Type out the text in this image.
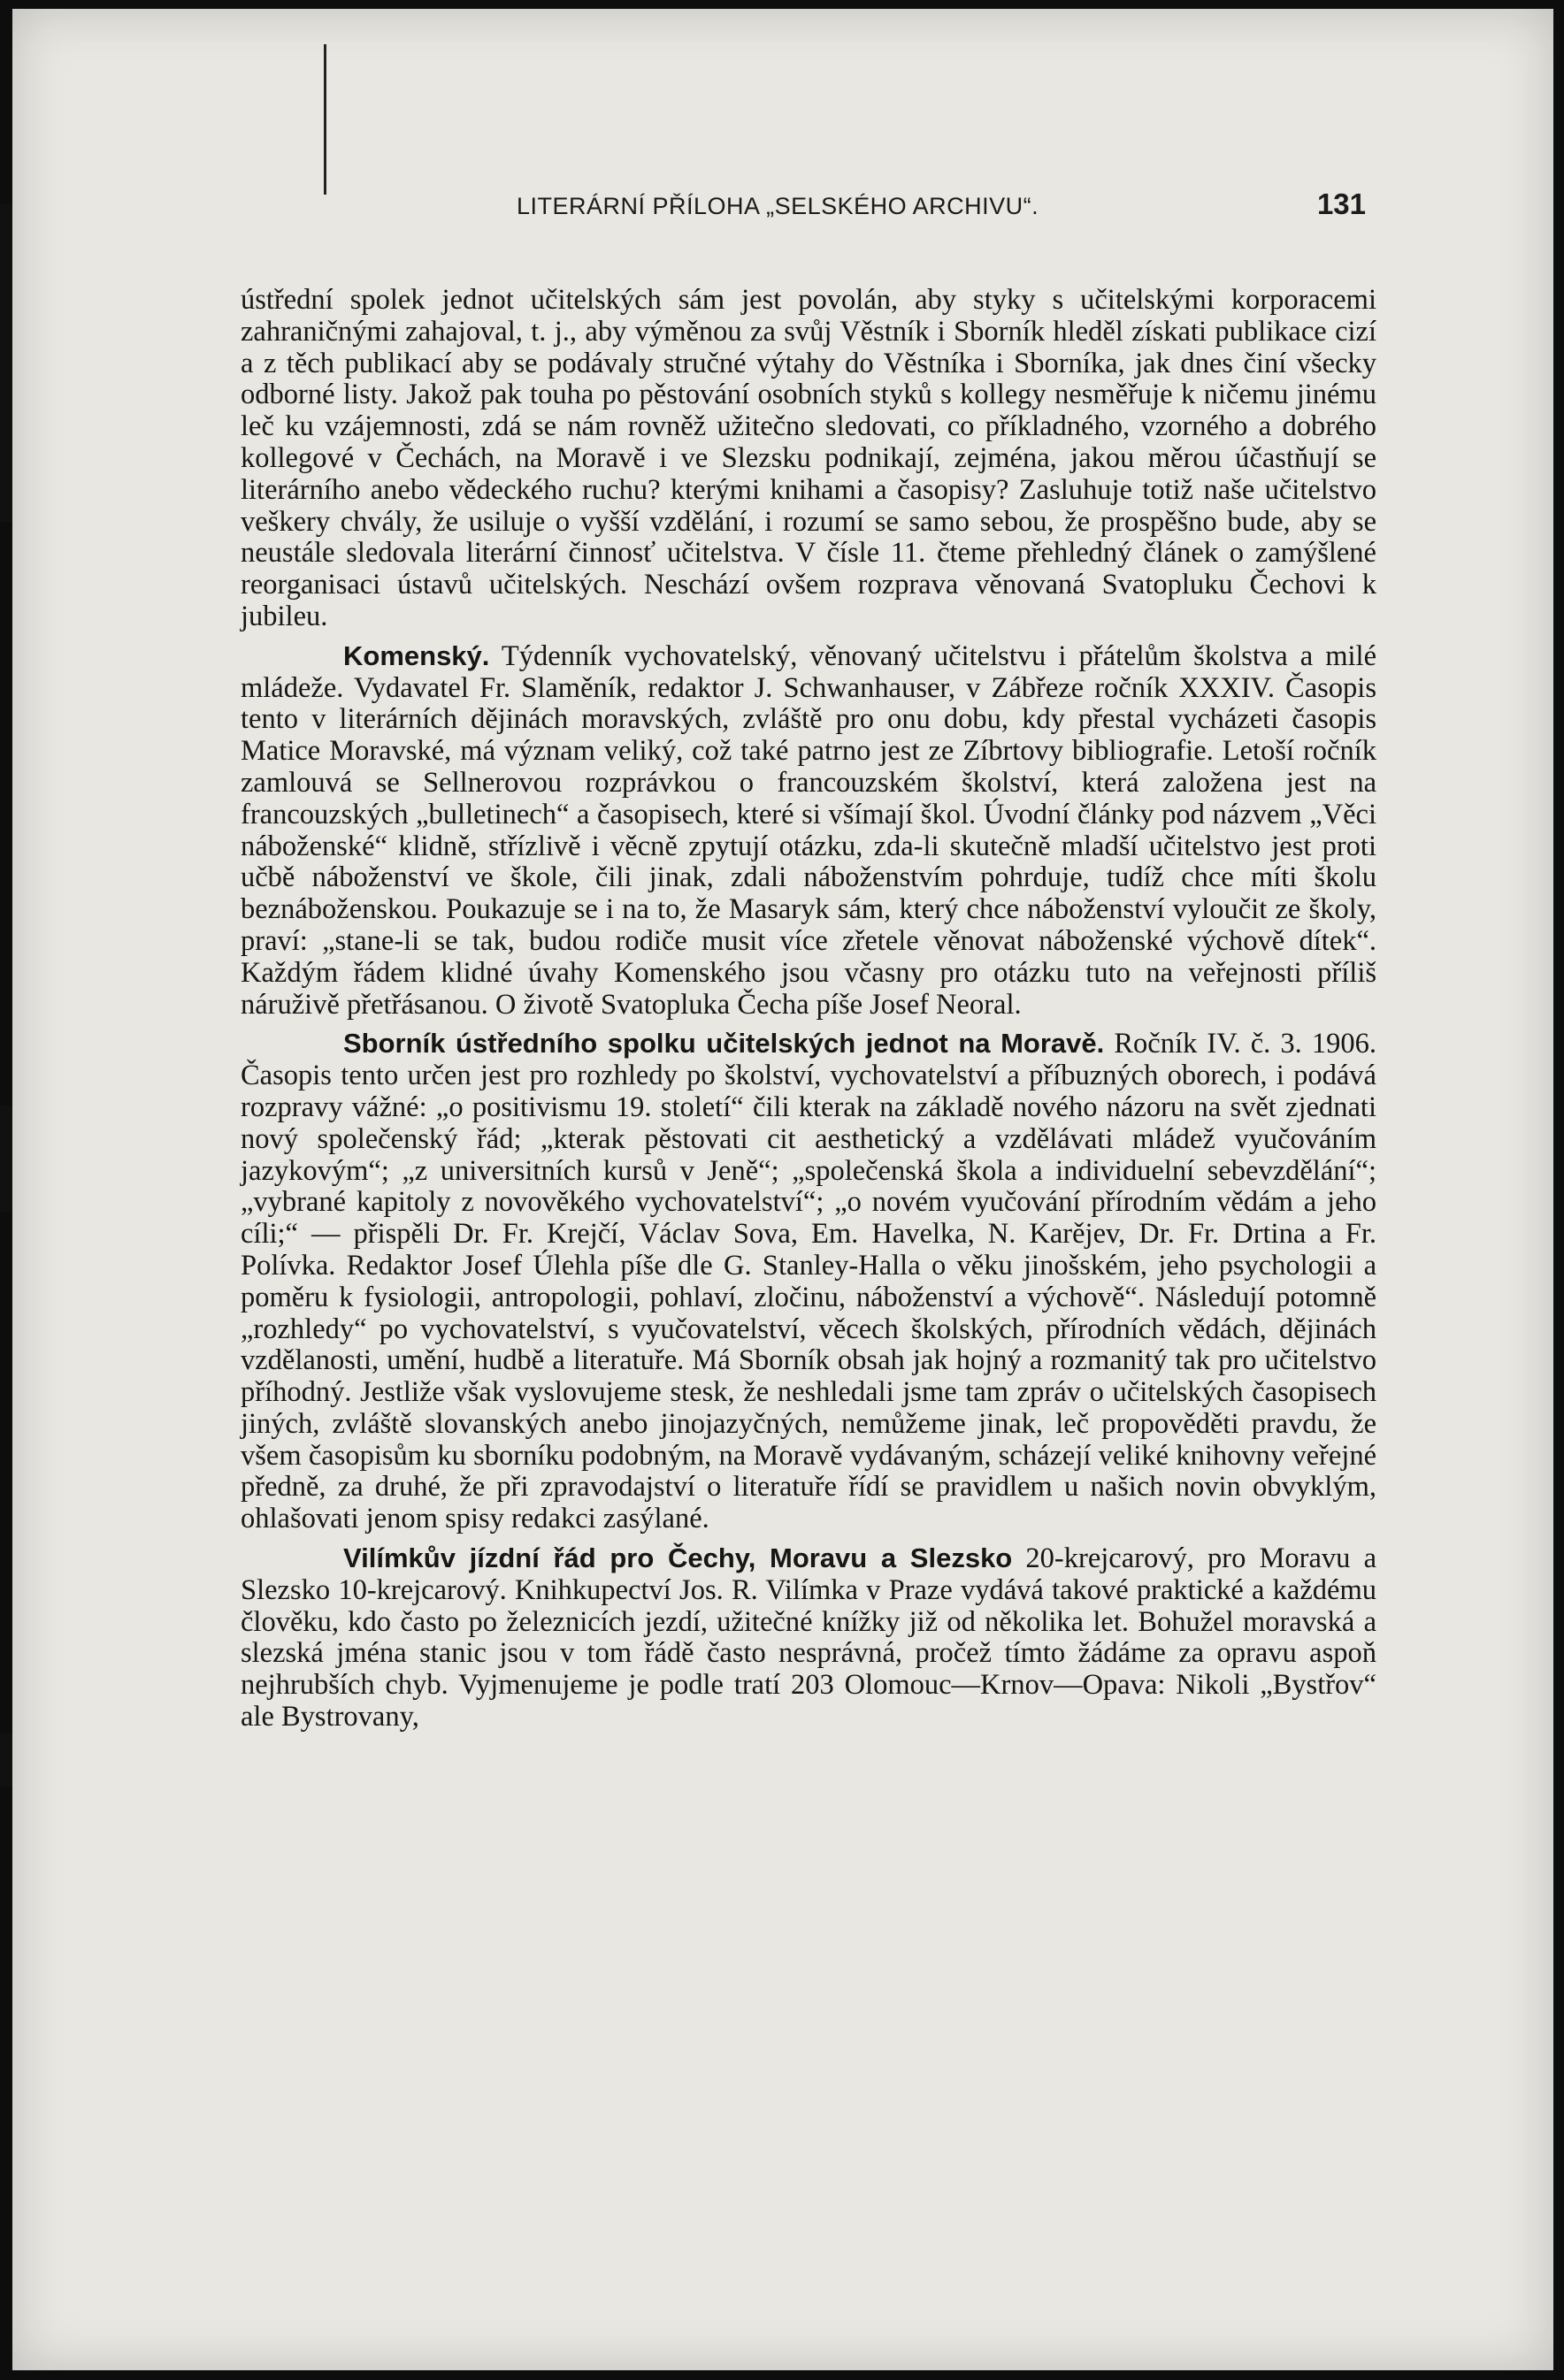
LITERÁRNÍ PŘÍLOHA „SELSKÉHO ARCHIVU“.	131

ústřední spolek jednot učitelských sám jest povolán, aby styky s učitelskými korporacemi zahraničnými zahajoval, t. j., aby výměnou za svůj Věstník i Sborník hleděl získati publikace cizí a z těch publikací aby se podávaly stručné výtahy do Věstníka i Sborníka, jak dnes činí všecky odborné listy. Jakož pak touha po pěstování osobních styků s kollegy nesměřuje k ničemu jinému leč ku vzájemnosti, zdá se nám rovněž užitečno sledovati, co příkladného, vzorného a dobrého kollegové v Čechách, na Moravě i ve Slezsku podnikají, zejména, jakou měrou účastňují se literárního anebo vědeckého ruchu? kterými knihami a časopisy? Zasluhuje totiž naše učitelstvo veškery chvály, že usiluje o vyšší vzdělání, i rozumí se samo sebou, že prospěšno bude, aby se neustále sledovala literární činnosť učitelstva. V čísle 11. čteme přehledný článek o zamýšlené reorganisaci ústavů učitelských. Neschází ovšem rozprava věnovaná Svatopluku Čechovi k jubileu.

Komenský. Týdenník vychovatelský, věnovaný učitelstvu i přátelům školstva a milé mládeže. Vydavatel Fr. Slaměník, redaktor J. Schwanhauser, v Zábřeze ročník XXXIV. Časopis tento v literárních dějinách moravských, zvláště pro onu dobu, kdy přestal vycházeti časopis Matice Moravské, má význam veliký, což také patrno jest ze Zíbrtovy bibliografie. Letoší ročník zamlouvá se Sellnerovou rozprávkou o francouzském školství, která založena jest na francouzských „bulletinech“ a časopisech, které si všímají škol. Úvodní články pod názvem „Věci náboženské“ klidně, střízlivě i věcně zpytují otázku, zda-li skutečně mladší učitelstvo jest proti učbě náboženství ve škole, čili jinak, zdali náboženstvím pohrduje, tudíž chce míti školu beznáboženskou. Poukazuje se i na to, že Masaryk sám, který chce náboženství vyloučit ze školy, praví: „stane-li se tak, budou rodiče musit více zřetele věnovat náboženské výchově dítek“. Každým řádem klidné úvahy Komenského jsou včasny pro otázku tuto na veřejnosti příliš náruživě přetřásanou. O životě Svatopluka Čecha píše Josef Neoral.

Sborník ústředního spolku učitelských jednot na Moravě. Ročník IV. č. 3. 1906. Časopis tento určen jest pro rozhledy po školství, vychovatelství a příbuzných oborech, i podává rozpravy vážné: „o positivismu 19. století“ čili kterak na základě nového názoru na svět zjednati nový společenský řád; „kterak pěstovati cit aesthetický a vzdělávati mládež vyučováním jazykovým“; „z universitních kursů v Jeně“; „společenská škola a individuelní sebevzdělání“; „vybrané kapitoly z novověkého vychovatelství“; „o novém vyučování přírodním vědám a jeho cíli;“ — přispěli Dr. Fr. Krejčí, Václav Sova, Em. Havelka, N. Karějev, Dr. Fr. Drtina a Fr. Polívka. Redaktor Josef Úlehla píše dle G. Stanley-Halla o věku jinošském, jeho psychologii a poměru k fysiologii, antropologii, pohlaví, zločinu, náboženství a výchově“. Následují potomně „rozhledy“ po vychovatelství, s vyučovatelství, věcech školských, přírodních vědách, dějinách vzdělanosti, umění, hudbě a literatuře. Má Sborník obsah jak hojný a rozmanitý tak pro učitelstvo příhodný. Jestliže však vyslovujeme stesk, že neshledali jsme tam zpráv o učitelských časopisech jiných, zvláště slovanských anebo jinojazyčných, nemůžeme jinak, leč propověděti pravdu, že všem časopisům ku sborníku podobným, na Moravě vydávaným, scházejí veliké knihovny veřejné předně, za druhé, že při zpravodajství o literatuře řídí se pravidlem u našich novin obvyklým, ohlašovati jenom spisy redakci zasýlané.

Vilímkův jízdní řád pro Čechy, Moravu a Slezsko 20-krejcarový, pro Moravu a Slezsko 10-krejcarový. Knihkupectví Jos. R. Vilímka v Praze vydává takové praktické a každému člověku, kdo často po železnicích jezdí, užitečné knížky již od několika let. Bohužel moravská a slezská jména stanic jsou v tom řádě často nesprávná, pročež tímto žádáme za opravu aspoň nejhrubších chyb. Vyjmenujeme je podle tratí 203 Olomouc—Krnov—Opava: Nikoli „Bystřov“ ale Bystrovany,
